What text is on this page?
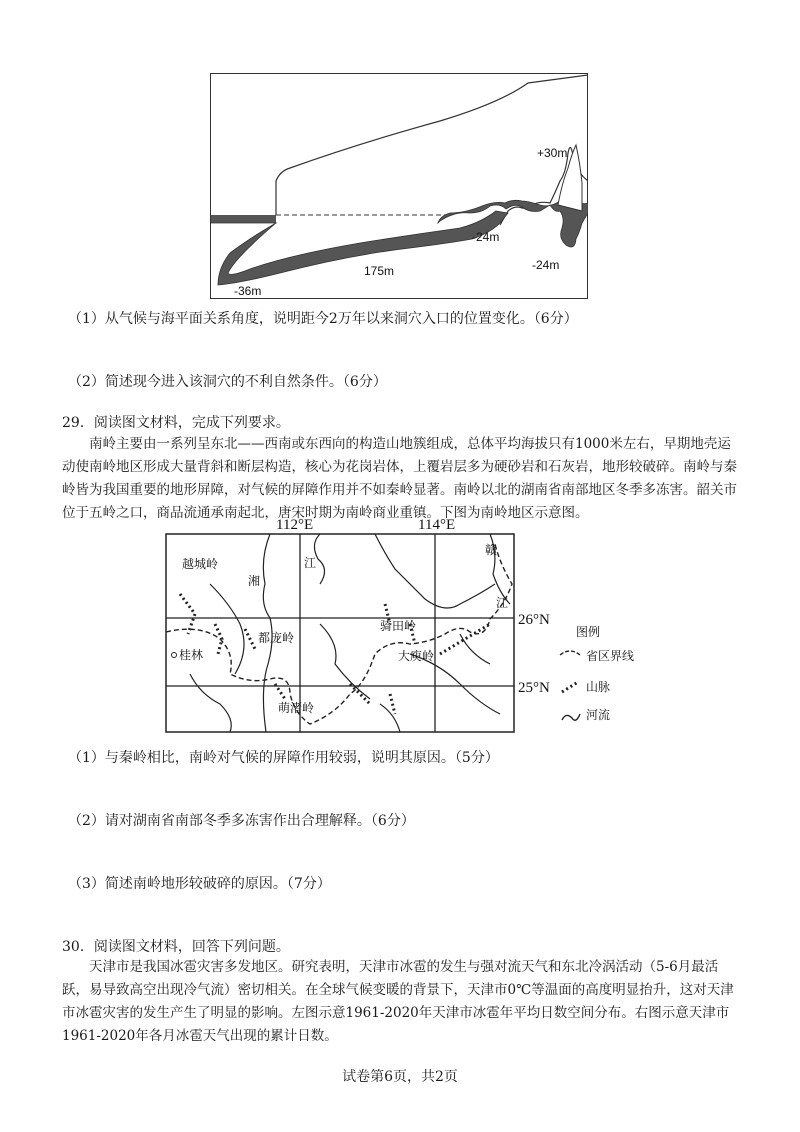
+30m
-24m
-24m
175m
-36m
（1）从气候与海平面关系角度，说明距今2万年以来洞穴入口的位置变化。（6分）
（2）简述现今进入该洞穴的不利自然条件。（6分）
29．阅读图文材料，完成下列要求。
南岭主要由一系列呈东北——西南或东西向的构造山地簇组成，总体平均海拔只有1000米左右，早期地壳运动使南岭地区形成大量背斜和断层构造，核心为花岗岩体，上覆岩层多为硬砂岩和石灰岩，地形较破碎。南岭与秦岭皆为我国重要的地形屏障，对气候的屏障作用并不如秦岭显著。南岭以北的湖南省南部地区冬季多冻害。韶关市位于五岭之口，商品流通承南起北，唐宋时期为南岭商业重镇。下图为南岭地区示意图。
112°E	114°E
26°N
25°N
越城岭
湘
江
赣
江
骑田岭
都庞岭
桂林	大庾岭
萌渚岭
图例
省区界线
山脉
河流
（1）与秦岭相比，南岭对气候的屏障作用较弱，说明其原因。（5分）
（2）请对湖南省南部冬季多冻害作出合理解释。（6分）
（3）简述南岭地形较破碎的原因。（7分）
30．阅读图文材料，回答下列问题。
天津市是我国冰雹灾害多发地区。研究表明，天津市冰雹的发生与强对流天气和东北冷涡活动（5-6月最活跃，易导致高空出现冷气流）密切相关。在全球气候变暖的背景下，天津市0℃等温面的高度明显抬升，这对天津市冰雹灾害的发生产生了明显的影响。左图示意1961-2020年天津市冰雹年平均日数空间分布。右图示意天津市1961-2020年各月冰雹天气出现的累计日数。
试卷第6页，共2页
